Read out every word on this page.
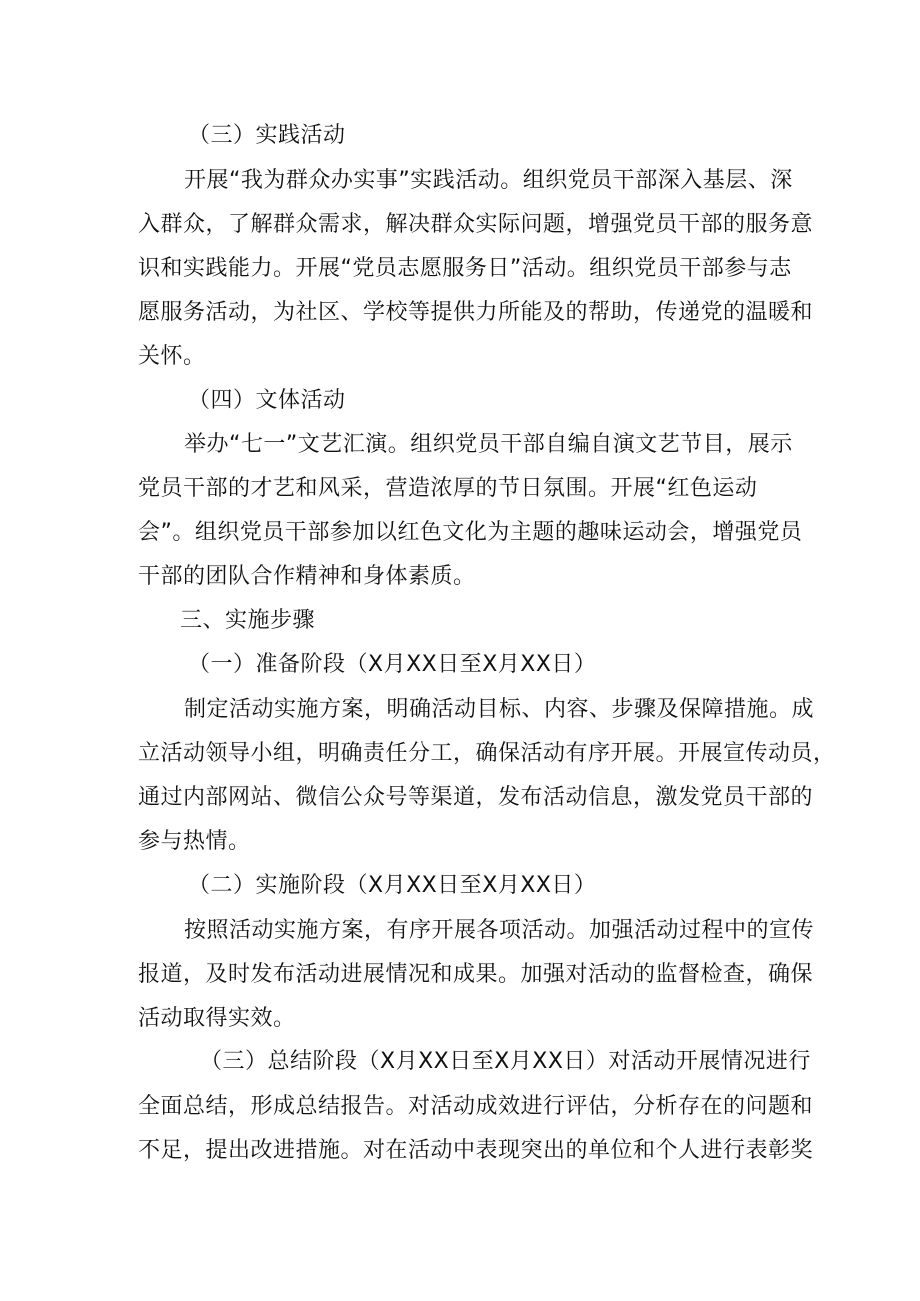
（三）实践活动
开展“我为群众办实事”实践活动。组织党员干部深入基层、深
入群众，了解群众需求，解决群众实际问题，增强党员干部的服务意
识和实践能力。开展“党员志愿服务日”活动。组织党员干部参与志
愿服务活动，为社区、学校等提供力所能及的帮助，传递党的温暖和
关怀。
（四）文体活动
举办“七一”文艺汇演。组织党员干部自编自演文艺节目，展示
党员干部的才艺和风采，营造浓厚的节日氛围。开展“红色运动
会”。组织党员干部参加以红色文化为主题的趣味运动会，增强党员
干部的团队合作精神和身体素质。
三、实施步骤
（一）准备阶段（X月XX日至X月XX日）
制定活动实施方案，明确活动目标、内容、步骤及保障措施。成
立活动领导小组，明确责任分工，确保活动有序开展。开展宣传动员，
通过内部网站、微信公众号等渠道，发布活动信息，激发党员干部的
参与热情。
（二）实施阶段（X月XX日至X月XX日）
按照活动实施方案，有序开展各项活动。加强活动过程中的宣传
报道，及时发布活动进展情况和成果。加强对活动的监督检查，确保
活动取得实效。
（三）总结阶段（X月XX日至X月XX日）对活动开展情况进行
全面总结，形成总结报告。对活动成效进行评估，分析存在的问题和
不足，提出改进措施。对在活动中表现突出的单位和个人进行表彰奖
